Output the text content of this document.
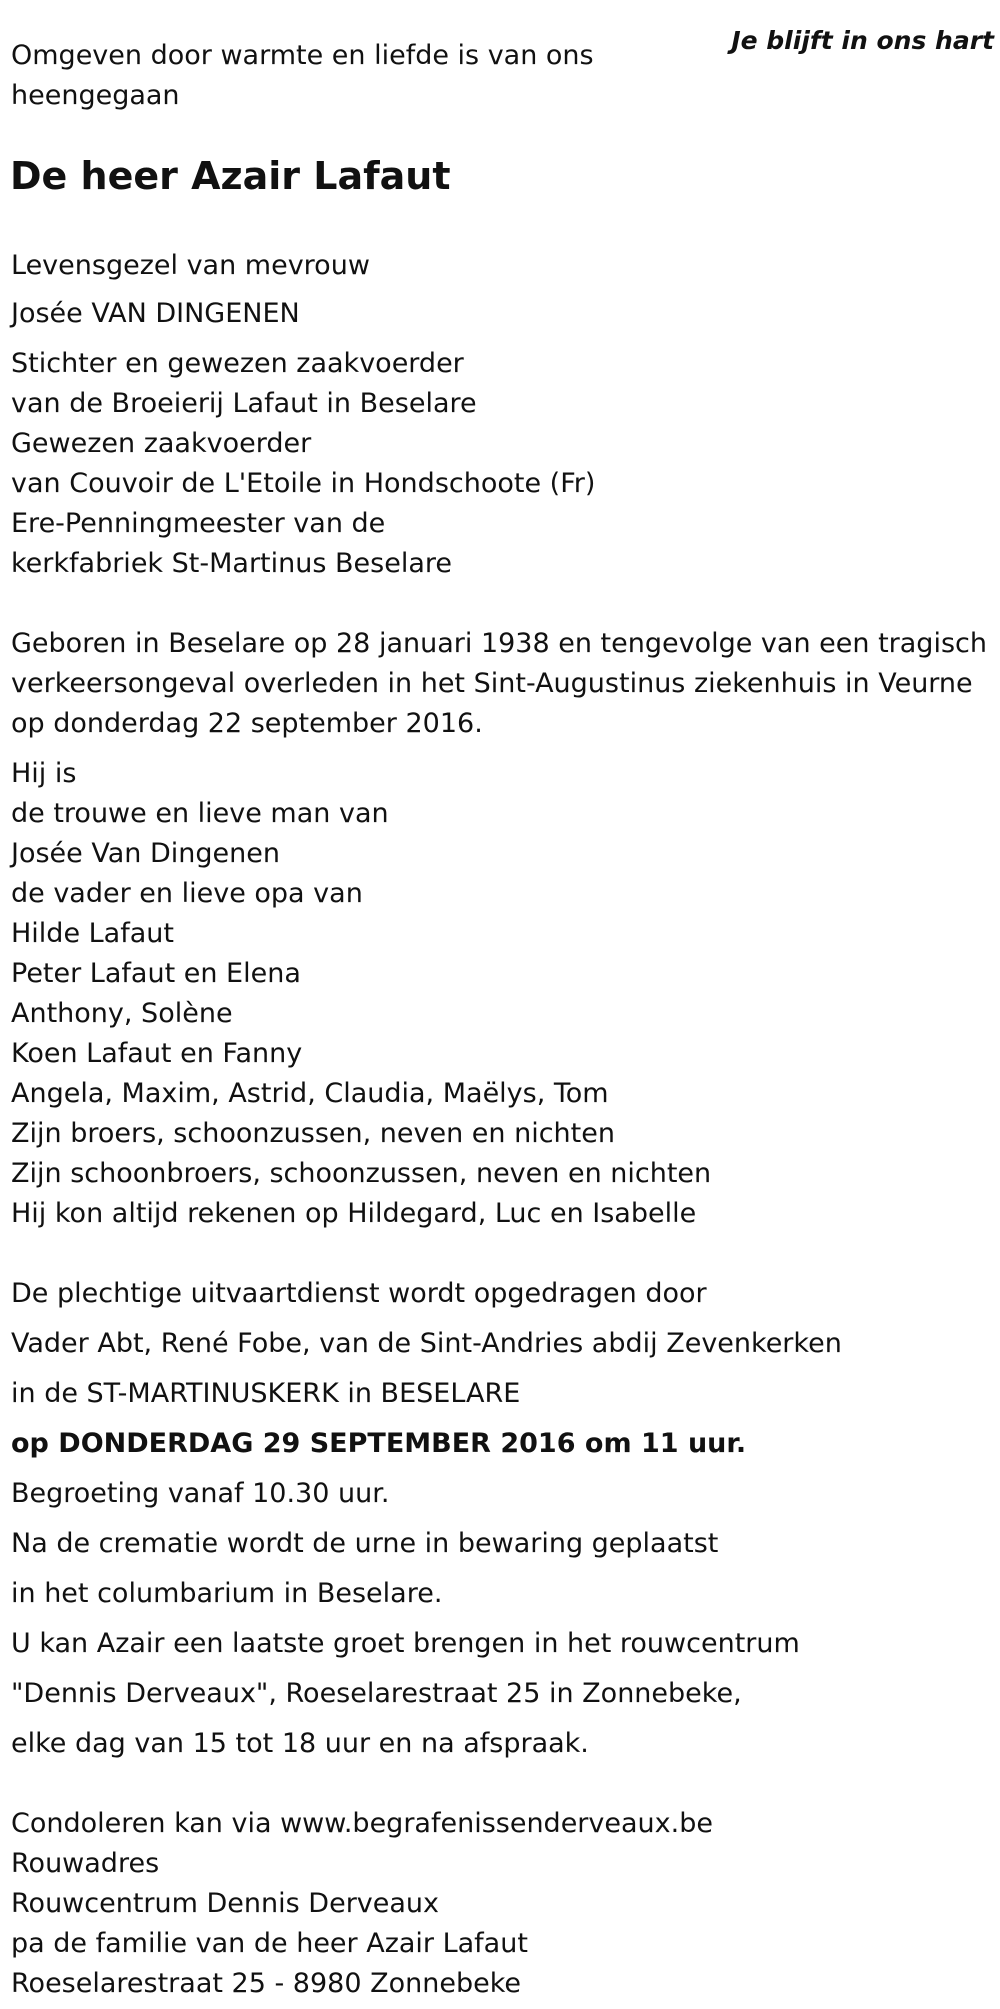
Je blijft in ons hart
Omgeven door warmte en liefde is van ons
heengegaan
De heer Azair Lafaut
Levensgezel van mevrouw
Josée VAN DINGENEN
Stichter en gewezen zaakvoerder
van de Broeierij Lafaut in Beselare
Gewezen zaakvoerder
van Couvoir de L'Etoile in Hondschoote (Fr)
Ere-Penningmeester van de
kerkfabriek St-Martinus Beselare
Geboren in Beselare op 28 januari 1938 en tengevolge van een tragisch
verkeersongeval overleden in het Sint-Augustinus ziekenhuis in Veurne
op donderdag 22 september 2016.
Hij is
de trouwe en lieve man van
Josée Van Dingenen
de vader en lieve opa van
Hilde Lafaut
Peter Lafaut en Elena
Anthony, Solène
Koen Lafaut en Fanny
Angela, Maxim, Astrid, Claudia, Maëlys, Tom
Zijn broers, schoonzussen, neven en nichten
Zijn schoonbroers, schoonzussen, neven en nichten
Hij kon altijd rekenen op Hildegard, Luc en Isabelle
De plechtige uitvaartdienst wordt opgedragen door
Vader Abt, René Fobe, van de Sint-Andries abdij Zevenkerken
in de ST-MARTINUSKERK in BESELARE
op DONDERDAG 29 SEPTEMBER 2016 om 11 uur.
Begroeting vanaf 10.30 uur.
Na de crematie wordt de urne in bewaring geplaatst
in het columbarium in Beselare.
U kan Azair een laatste groet brengen in het rouwcentrum
"Dennis Derveaux", Roeselarestraat 25 in Zonnebeke,
elke dag van 15 tot 18 uur en na afspraak.
Condoleren kan via www.begrafenissenderveaux.be
Rouwadres
Rouwcentrum Dennis Derveaux
pa de familie van de heer Azair Lafaut
Roeselarestraat 25 - 8980 Zonnebeke
